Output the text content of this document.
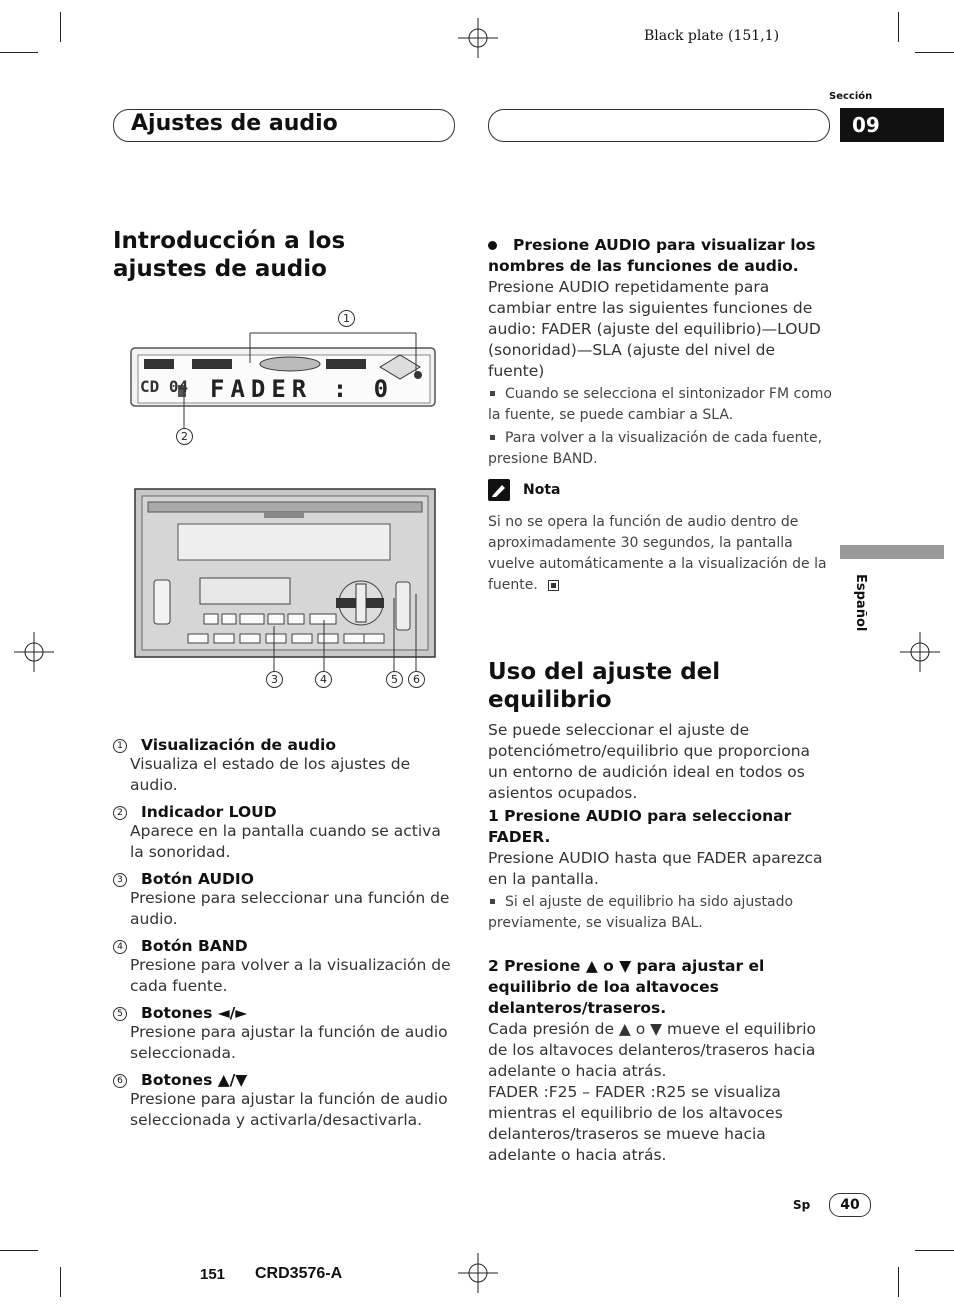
Black plate (151,1)
Ajustes de audio
Sección
09
Español
Introducción a los ajustes de audio
CD 04 FADER : 0
1
2
3	4	5	6
1 Visualización de audio
Visualiza el estado de los ajustes de audio.
2 Indicador LOUD
Aparece en la pantalla cuando se activa la sonoridad.
3 Botón AUDIO
Presione para seleccionar una función de audio.
4 Botón BAND
Presione para volver a la visualización de cada fuente.
5 Botones ◄/►
Presione para ajustar la función de audio seleccionada.
6 Botones ▲/▼
Presione para ajustar la función de audio seleccionada y activarla/desactivarla.
Presione AUDIO para visualizar los nombres de las funciones de audio.
Presione AUDIO repetidamente para cambiar entre las siguientes funciones de audio: FADER (ajuste del equilibrio)—LOUD (sonoridad)—SLA (ajuste del nivel de fuente)
Cuando se selecciona el sintonizador FM como la fuente, se puede cambiar a SLA.
Para volver a la visualización de cada fuente, presione BAND.
Nota
Si no se opera la función de audio dentro de aproximadamente 30 segundos, la pantalla vuelve automáticamente a la visualización de la fuente.
Uso del ajuste del equilibrio
Se puede seleccionar el ajuste de potenciómetro/equilibrio que proporciona un entorno de audición ideal en todos os asientos ocupados.
1 Presione AUDIO para seleccionar FADER.
Presione AUDIO hasta que FADER aparezca en la pantalla.
Si el ajuste de equilibrio ha sido ajustado previamente, se visualiza BAL.
2 Presione ▲ o ▼ para ajustar el equilibrio de loa altavoces delanteros/traseros.
Cada presión de ▲ o ▼ mueve el equilibrio de los altavoces delanteros/traseros hacia adelante o hacia atrás.
FADER :F25 – FADER :R25 se visualiza mientras el equilibrio de los altavoces delanteros/traseros se mueve hacia adelante o hacia atrás.
Sp	40
151 CRD3576-A
